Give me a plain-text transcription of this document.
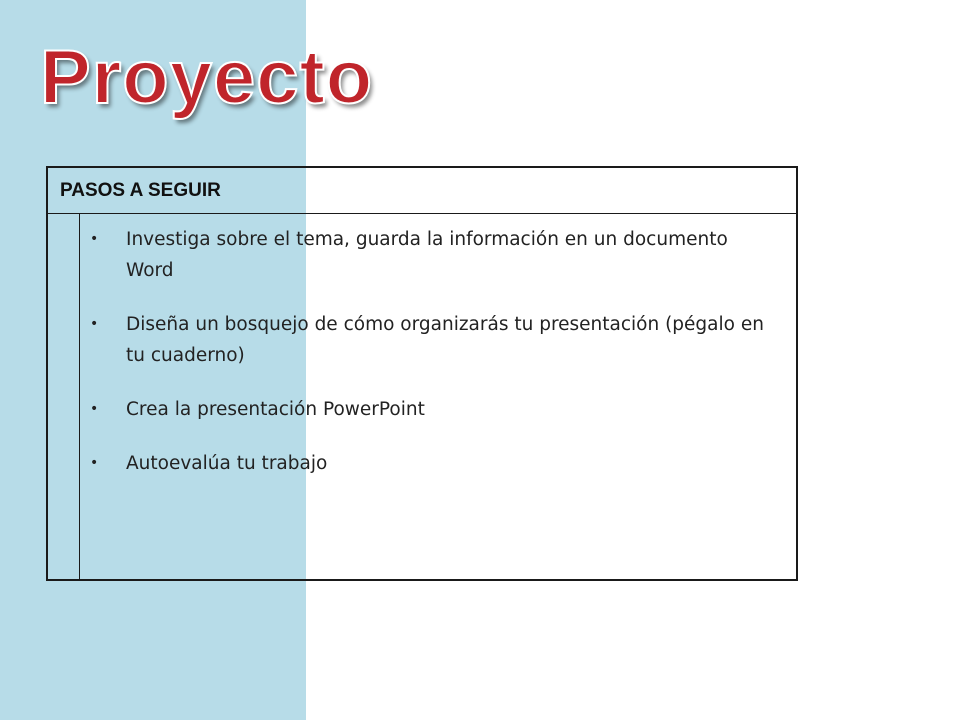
Proyecto
PASOS A SEGUIR
• Investiga sobre el tema, guarda la información en un documento Word
• Diseña un bosquejo de cómo organizarás tu presentación (pégalo en tu cuaderno)
• Crea la presentación PowerPoint
• Autoevalúa tu trabajo
